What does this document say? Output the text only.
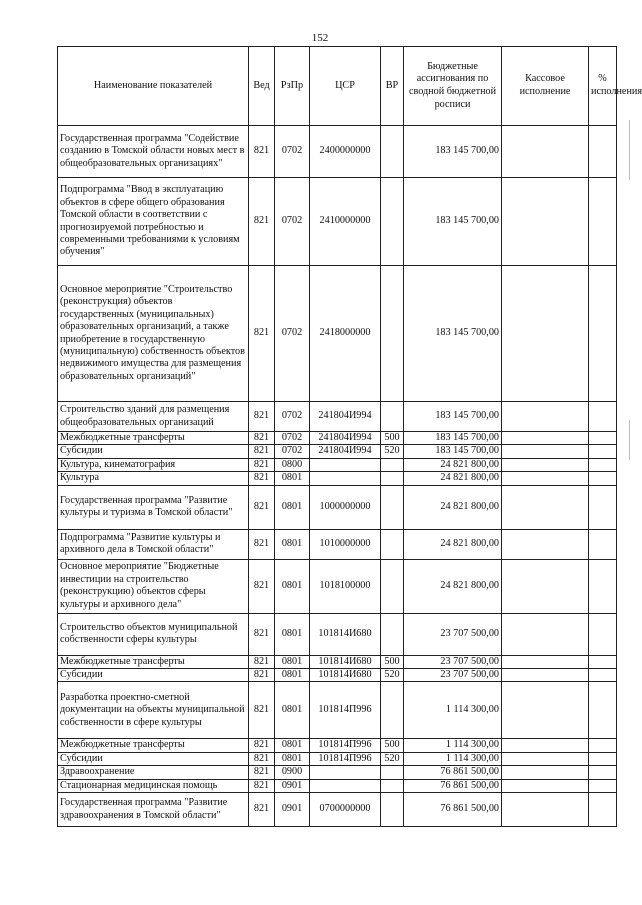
152
Наименование показателей	Вед	РзПр	ЦСР	ВР	Бюджетные ассигнования по сводной бюджетной росписи	Кассовое исполнение	% исполнения
Государственная программа "Содействие созданию в Томской области новых мест в общеобразовательных организациях"	821	0702	2400000000		183 145 700,00		
Подпрограмма "Ввод в эксплуатацию объектов в сфере общего образования Томской области в соответствии с прогнозируемой потребностью и современными требованиями к условиям обучения"	821	0702	2410000000		183 145 700,00		
Основное мероприятие "Строительство (реконструкция) объектов государственных (муниципальных) образовательных организаций, а также приобретение в государственную (муниципальную) собственность объектов недвижимого имущества для размещения образовательных организаций"	821	0702	2418000000		183 145 700,00		
Строительство зданий для размещения общеобразовательных организаций	821	0702	241804И994		183 145 700,00		
Межбюджетные трансферты	821	0702	241804И994	500	183 145 700,00		
Субсидии	821	0702	241804И994	520	183 145 700,00		
Культура, кинематография	821	0800			24 821 800,00		
Культура	821	0801			24 821 800,00		
Государственная программа "Развитие культуры и туризма в Томской области"	821	0801	1000000000		24 821 800,00		
Подпрограмма "Развитие культуры и архивного дела в Томской области"	821	0801	1010000000		24 821 800,00		
Основное мероприятие "Бюджетные инвестиции на строительство (реконструкцию) объектов сферы культуры и архивного дела"	821	0801	1018100000		24 821 800,00		
Строительство объектов муниципальной собственности сферы культуры	821	0801	101814И680		23 707 500,00		
Межбюджетные трансферты	821	0801	101814И680	500	23 707 500,00		
Субсидии	821	0801	101814И680	520	23 707 500,00		
Разработка проектно-сметной документации на объекты муниципальной собственности в сфере культуры	821	0801	101814П996		1 114 300,00		
Межбюджетные трансферты	821	0801	101814П996	500	1 114 300,00		
Субсидии	821	0801	101814П996	520	1 114 300,00		
Здравоохранение	821	0900			76 861 500,00		
Стационарная медицинская помощь	821	0901			76 861 500,00		
Государственная программа "Развитие здравоохранения в Томской области"	821	0901	0700000000		76 861 500,00		
